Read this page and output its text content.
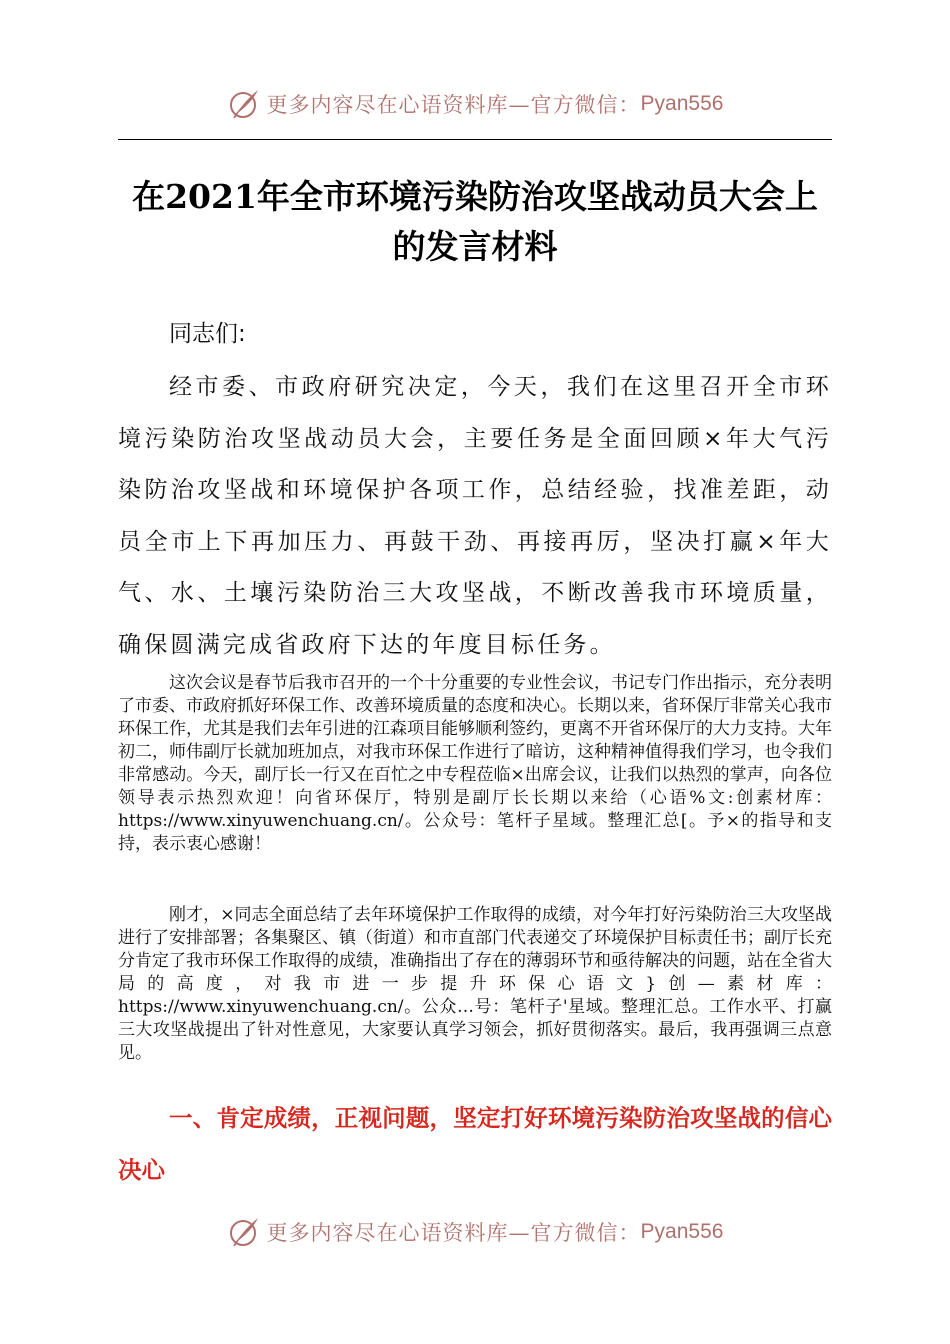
更多内容尽在心语资料库—官方微信： Pyan556
在2021年全市环境污染防治攻坚战动员大会上的发言材料

同志们:

经市委、市政府研究决定，今天，我们在这里召开全市环境污染防治攻坚战动员大会，主要任务是全面回顾×年大气污染防治攻坚战和环境保护各项工作，总结经验，找准差距，动员全市上下再加压力、再鼓干劲、再接再厉，坚决打赢×年大气、水、土壤污染防治三大攻坚战，不断改善我市环境质量，确保圆满完成省政府下达的年度目标任务。

这次会议是春节后我市召开的一个十分重要的专业性会议，书记专门作出指示，充分表明了市委、市政府抓好环保工作、改善环境质量的态度和决心。长期以来，省环保厅非常关心我市环保工作，尤其是我们去年引进的江森项目能够顺利签约，更离不开省环保厅的大力支持。大年初二，师伟副厅长就加班加点，对我市环保工作进行了暗访，这种精神值得我们学习，也令我们非常感动。今天，副厅长一行又在百忙之中专程莅临×出席会议，让我们以热烈的掌声，向各位领导表示热烈欢迎！向省环保厅，特别是副厅长长期以来给（心语%文:创素材库：https://www.xinyuwenchuang.cn/。公众号：笔杆子星域。整理汇总[。予×的指导和支持，表示衷心感谢！

刚才，×同志全面总结了去年环境保护工作取得的成绩，对今年打好污染防治三大攻坚战进行了安排部署；各集聚区、镇（街道）和市直部门代表递交了环境保护目标责任书；副厅长充分肯定了我市环保工作取得的成绩，准确指出了存在的薄弱环节和亟待解决的问题，站在全省大局的高度，对我市进一步提升环保心语文}创—素材库：https://www.xinyuwenchuang.cn/。公众…号：笔杆子'星域。整理汇总。工作水平、打赢三大攻坚战提出了针对性意见，大家要认真学习领会，抓好贯彻落实。最后，我再强调三点意见。

一、肯定成绩，正视问题，坚定打好环境污染防治攻坚战的信心决心

更多内容尽在心语资料库—官方微信： Pyan556
